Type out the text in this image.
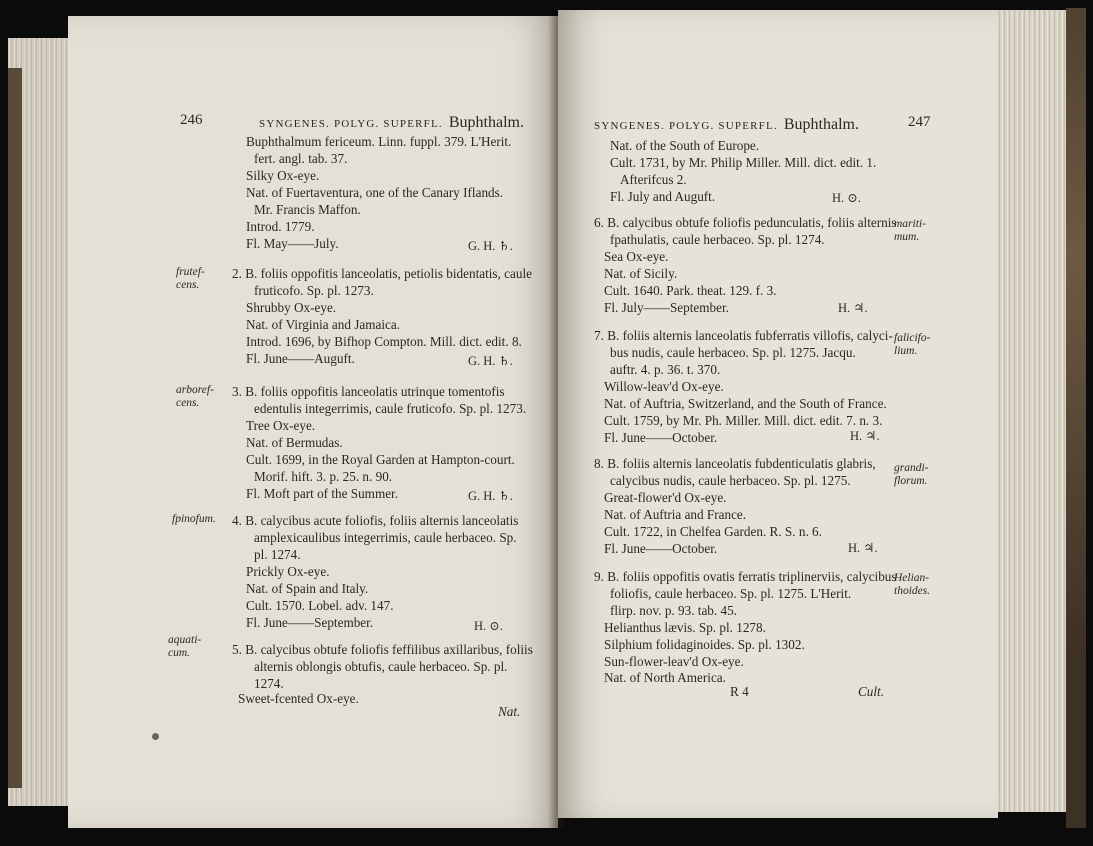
246	SYNGENES. POLYG. SUPERFL. Buphthalm.
Buphthalmum fericeum. Linn. fuppl. 379. L'Herit.
fert. angl. tab. 37.
Silky Ox-eye.
Nat. of Fuertaventura, one of the Canary Iflands.
Mr. Francis Maffon.
Introd. 1779.
Fl. May——July.	G. H. ♄.
frutef-cens.
2. B. foliis oppofitis lanceolatis, petiolis bidentatis, caule
fruticofo. Sp. pl. 1273.
Shrubby Ox-eye.
Nat. of Virginia and Jamaica.
Introd. 1696, by Bifhop Compton. Mill. dict. edit. 8.
Fl. June——Auguft.	G. H. ♄.
arboref-cens.
3. B. foliis oppofitis lanceolatis utrinque tomentofis
edentulis integerrimis, caule fruticofo. Sp. pl. 1273.
Tree Ox-eye.
Nat. of Bermudas.
Cult. 1699, in the Royal Garden at Hampton-court.
Morif. hift. 3. p. 25. n. 90.
Fl. Moft part of the Summer.	G. H. ♄.
fpinofum.	4. B. calycibus acute foliofis, foliis alternis lanceolatis
amplexicaulibus integerrimis, caule herbaceo. Sp.
pl. 1274.
Prickly Ox-eye.
Nat. of Spain and Italy.
Cult. 1570. Lobel. adv. 147.
Fl. June——September.	H. ⊙.
aquati-cum.	5. B. calycibus obtufe foliofis feffilibus axillaribus, foliis
alternis oblongis obtufis, caule herbaceo. Sp. pl.
1274.
Sweet-fcented Ox-eye.
Nat.
SYNGENES. POLYG. SUPERFL. Buphthalm.	247
Nat. of the South of Europe.
Cult. 1731, by Mr. Philip Miller. Mill. dict. edit. 1.
Afterifcus 2.
Fl. July and Auguft.	H. ⊙.
6. B. calycibus obtufe foliofis pedunculatis, foliis alternis
fpathulatis, caule herbaceo. Sp. pl. 1274.
Sea Ox-eye.
Nat. of Sicily.
Cult. 1640. Park. theat. 129. f. 3.
Fl. July——September.	H. ♃.
7. B. foliis alternis lanceolatis fubferratis villofis, calyci-
bus nudis, caule herbaceo. Sp. pl. 1275. Jacqu.
auftr. 4. p. 36. t. 370.
Willow-leav'd Ox-eye.
Nat. of Auftria, Switzerland, and the South of France.
Cult. 1759, by Mr. Ph. Miller. Mill. dict. edit. 7. n. 3.
Fl. June——October.	H. ♃.
8. B. foliis alternis lanceolatis fubdenticulatis glabris,
calycibus nudis, caule herbaceo. Sp. pl. 1275.
Great-flower'd Ox-eye.
Nat. of Auftria and France.
Cult. 1722, in Chelfea Garden. R. S. n. 6.
Fl. June——October.	H. ♃.
9. B. foliis oppofitis ovatis ferratis triplinerviis, calycibus
foliofis, caule herbaceo. Sp. pl. 1275. L'Herit.
flirp. nov. p. 93. tab. 45.
Helianthus lævis. Sp. pl. 1278.
Silphium folidaginoides. Sp. pl. 1302.
Sun-flower-leav'd Ox-eye.
Nat. of North America.
R 4	Cult.
mariti-mum.
falicifo-lium.
grandi-florum.
Helian-thoides.
